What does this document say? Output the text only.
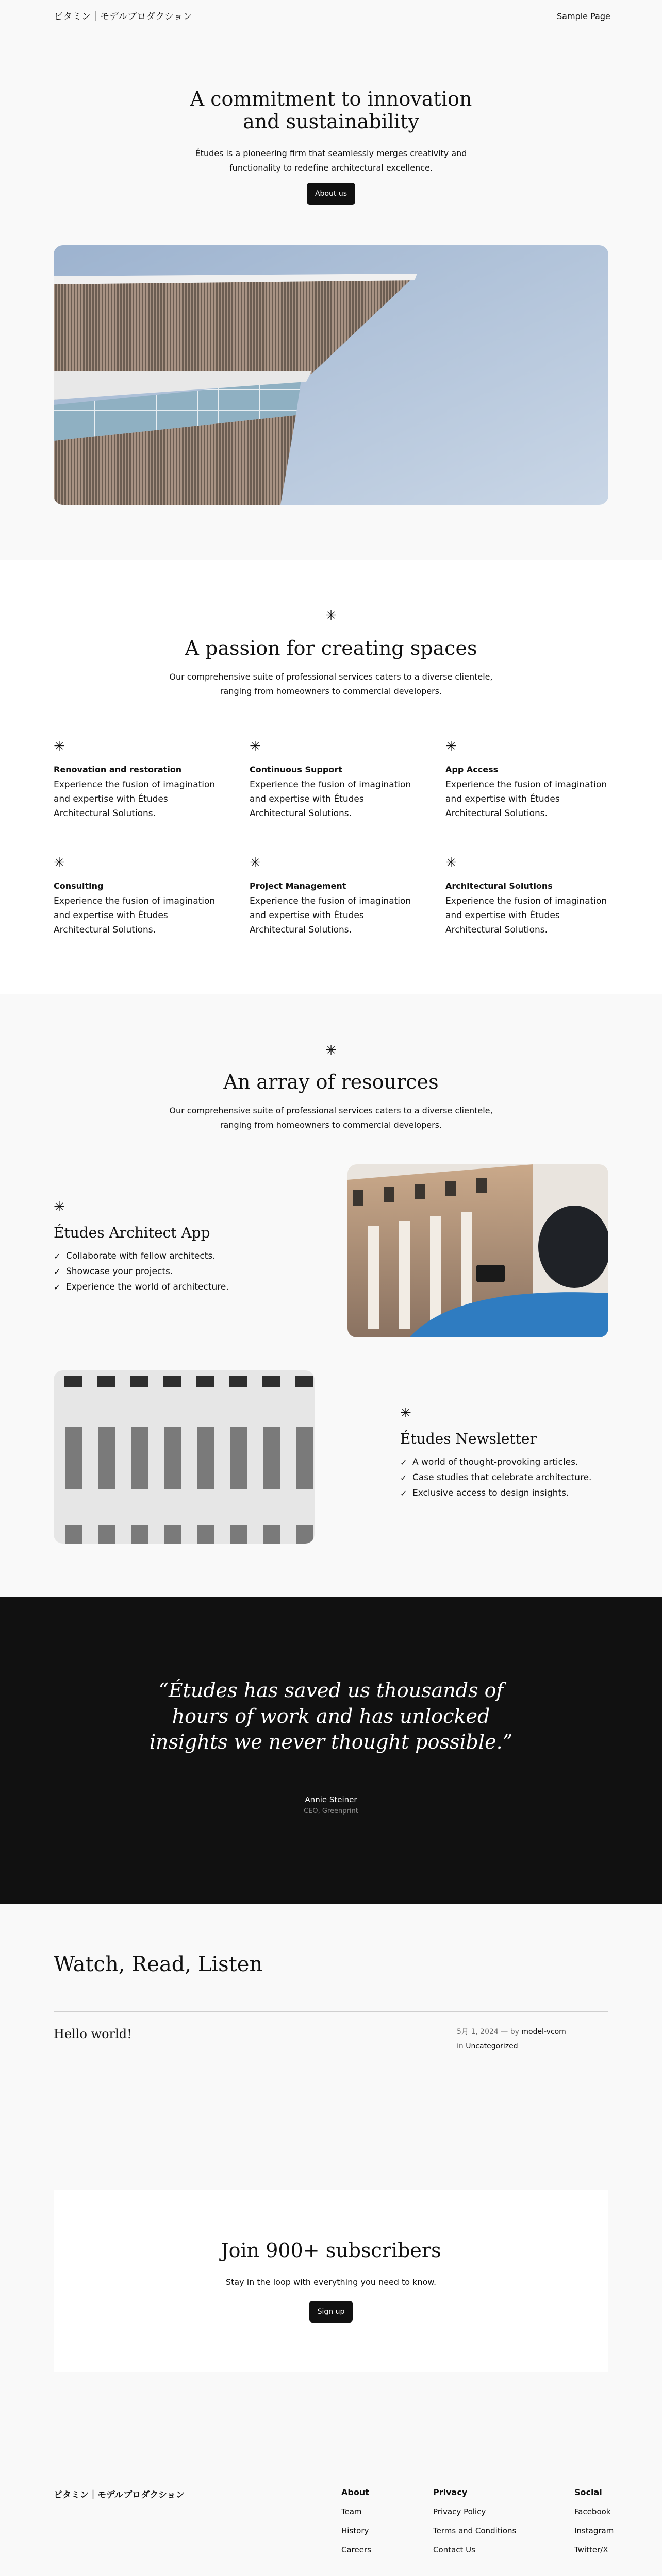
ビタミン｜モデルプロダクション	Sample Page
A commitment to innovation
and sustainability
Études is a pioneering firm that seamlessly merges creativity and
functionality to redefine architectural excellence.
About us
✳
A passion for creating spaces
Our comprehensive suite of professional services caters to a diverse clientele,
ranging from homeowners to commercial developers.
✳
Renovation and restoration
Experience the fusion of imagination and expertise with Études Architectural Solutions.
✳
Continuous Support
Experience the fusion of imagination and expertise with Études Architectural Solutions.
✳
App Access
Experience the fusion of imagination and expertise with Études Architectural Solutions.
✳
Consulting
Experience the fusion of imagination and expertise with Études Architectural Solutions.
✳
Project Management
Experience the fusion of imagination and expertise with Études Architectural Solutions.
✳
Architectural Solutions
Experience the fusion of imagination and expertise with Études Architectural Solutions.
✳
An array of resources
Our comprehensive suite of professional services caters to a diverse clientele,
ranging from homeowners to commercial developers.
✳
Études Architect App
✓ Collaborate with fellow architects.
✓ Showcase your projects.
✓ Experience the world of architecture.
✳
Études Newsletter
✓ A world of thought-provoking articles.
✓ Case studies that celebrate architecture.
✓ Exclusive access to design insights.
“Études has saved us thousands of
hours of work and has unlocked
insights we never thought possible.”
Annie Steiner
CEO, Greenprint
Watch, Read, Listen
Hello world!	5月 1, 2024 — by model-vcom
in Uncategorized
Join 900+ subscribers
Stay in the loop with everything you need to know.
Sign up
ビタミン｜モデルプロダクション	About
Team
History
Careers
Privacy
Privacy Policy
Terms and Conditions
Contact Us
Social
Facebook
Instagram
Twitter/X
